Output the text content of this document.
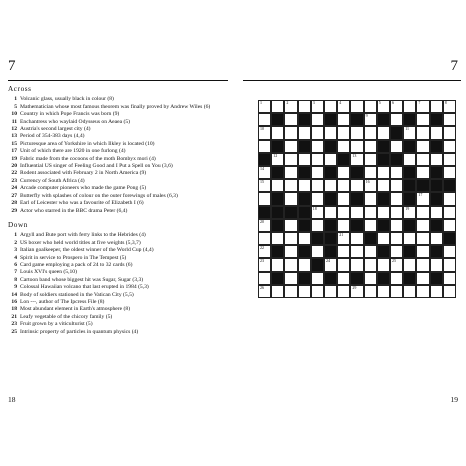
7
Across
1 Volcanic glass, usually black in colour (8)
5 Mathematician whose most famous theorem was finally proved by Andrew Wiles (6)
10 Country in which Pope Francis was born (9)
11 Enchantress who waylaid Odysseus on Aeaea (5)
12 Austria's second largest city (4)
13 Period of 354-383 days (4,4)
15 Picturesque area of Yorkshire in which Ilkley is located (10)
17 Unit of which there are 1920 in one furlong (4)
19 Fabric made from the cocoons of the moth Bombyx mori (4)
20 Influential US singer of Feeling Good and I Put a Spell on You (3,6)
22 Rodent associated with February 2 in North America (9)
23 Currency of South Africa (4)
24 Arcade computer pioneers who made the game Pong (5)
27 Butterfly with splashes of colour on the outer forewings of males (6,3)
28 Earl of Leicester who was a favourite of Elizabeth I (6)
29 Actor who starred in the BBC drama Peter (6,4)
Down
1 Argyll and Bute port with ferry links to the Hebrides (4)
2 US boxer who held world titles at five weights (5,3,7)
3 Italian goalkeeper, the oldest winner of the World Cup (4,4)
4 Spirit in service to Prospero in The Tempest (5)
6 Card game employing a pack of 24 to 32 cards (6)
7 Louis XVI's queen (5,10)
8 Cartoon band whose biggest hit was Sugar, Sugar (3,3)
9 Colossal Hawaiian volcano that last erupted in 1984 (5,3)
14 Body of soldiers stationed in the Vatican City (5,5)
16 Lon ---, author of The Ipcress File (8)
18 Most abundant element in Earth's atmosphere (8)
21 Leafy vegetable of the chicory family (5)
23 Fruit grown by a viticulturist (5)
25 Intrinsic property of particles in quantum physics (4)
18
7
19
1	2	3	4	5	6	7	8
9
10	11
12	13
14
15	16
17
18	19
20
21
22
23	24	25
26	29
